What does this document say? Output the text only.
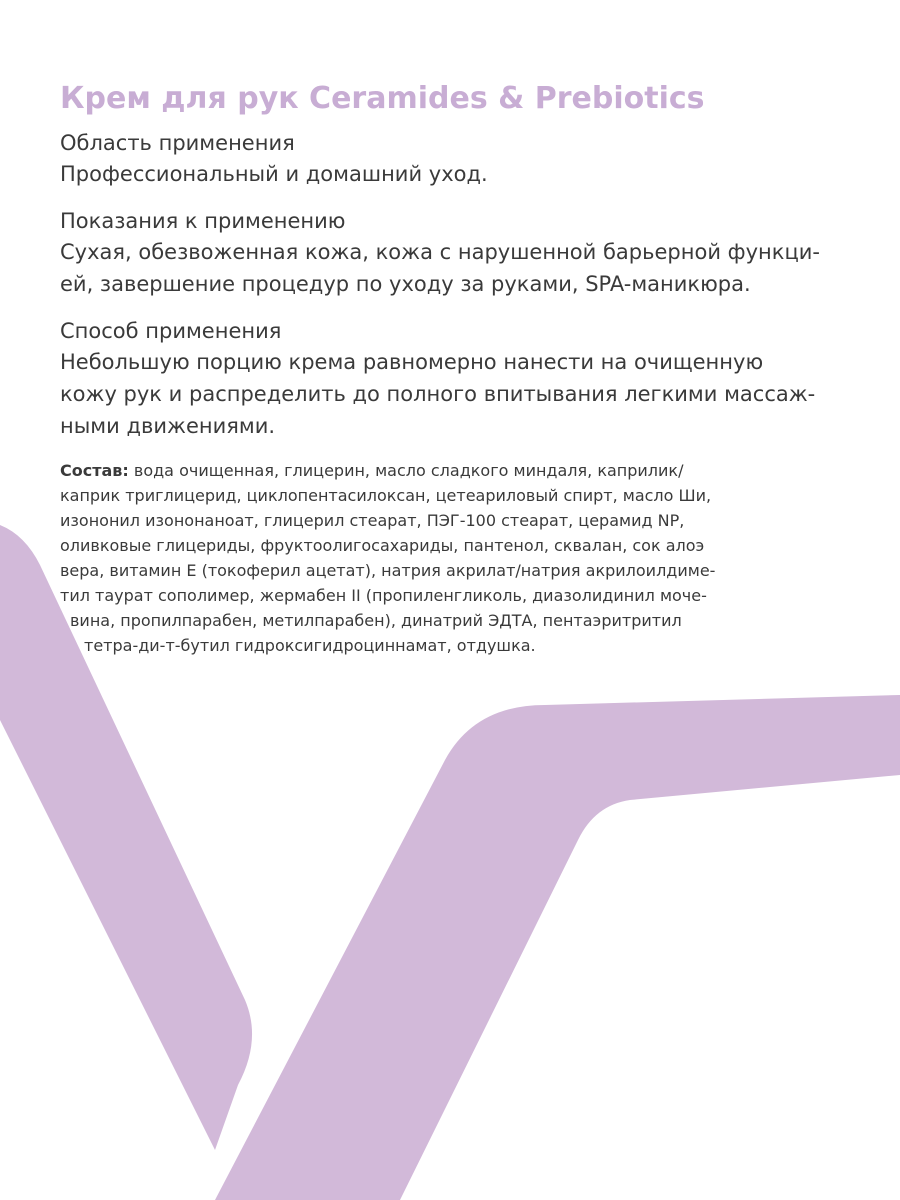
Крем для рук Ceramides & Prebiotics

Область применения

Профессиональный и домашний уход.

Показания к применению

Сухая, обезвоженная кожа, кожа с нарушенной барьерной функци-
ей, завершение процедур по уходу за руками, SPA-маникюра.

Способ применения

Небольшую порцию крема равномерно нанести на очищенную
кожу рук и распределить до полного впитывания легкими массаж-
ными движениями.

Состав: вода очищенная, глицерин, масло сладкого миндаля, каприлик/
каприк триглицерид, циклопентасилоксан, цетеариловый спирт, масло Ши,
изононил изононаноат, глицерил стеарат, ПЭГ-100 стеарат, церамид NP,
оливковые глицериды, фруктоолигосахариды, пантенол, сквалан, сок алоэ
вера, витамин Е (токоферил ацетат), натрия акрилат/натрия акрилоилдиме-
тил таурат сополимер, жермабен II (пропиленгликоль, диазолидинил моче-
вина, пропилпарабен, метилпарабен), динатрий ЭДТА, пентаэритритил
тетра-ди-т-бутил гидроксигидроциннамат, отдушка.
